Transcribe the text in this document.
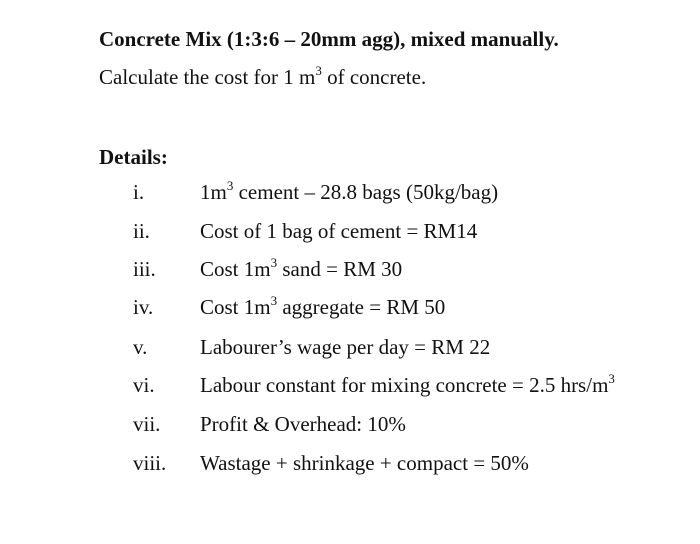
Concrete Mix (1:3:6 – 20mm agg), mixed manually.
Calculate the cost for 1 $m^3$ of concrete.
Details:
i.	$1m^3$ cement – 28.8 bags (50kg/bag)
ii. Cost of 1 bag of cement = RM14
iii. Cost $1m^3$ sand = RM 30
iv. Cost $1m^3$ aggregate = RM 50
v.	Labourer’s wage per day = RM 22
vi. Labour constant for mixing concrete = 2.5 hrs/$m^3$
vii. Profit & Overhead: 10%
viii. Wastage + shrinkage + compact = 50%
